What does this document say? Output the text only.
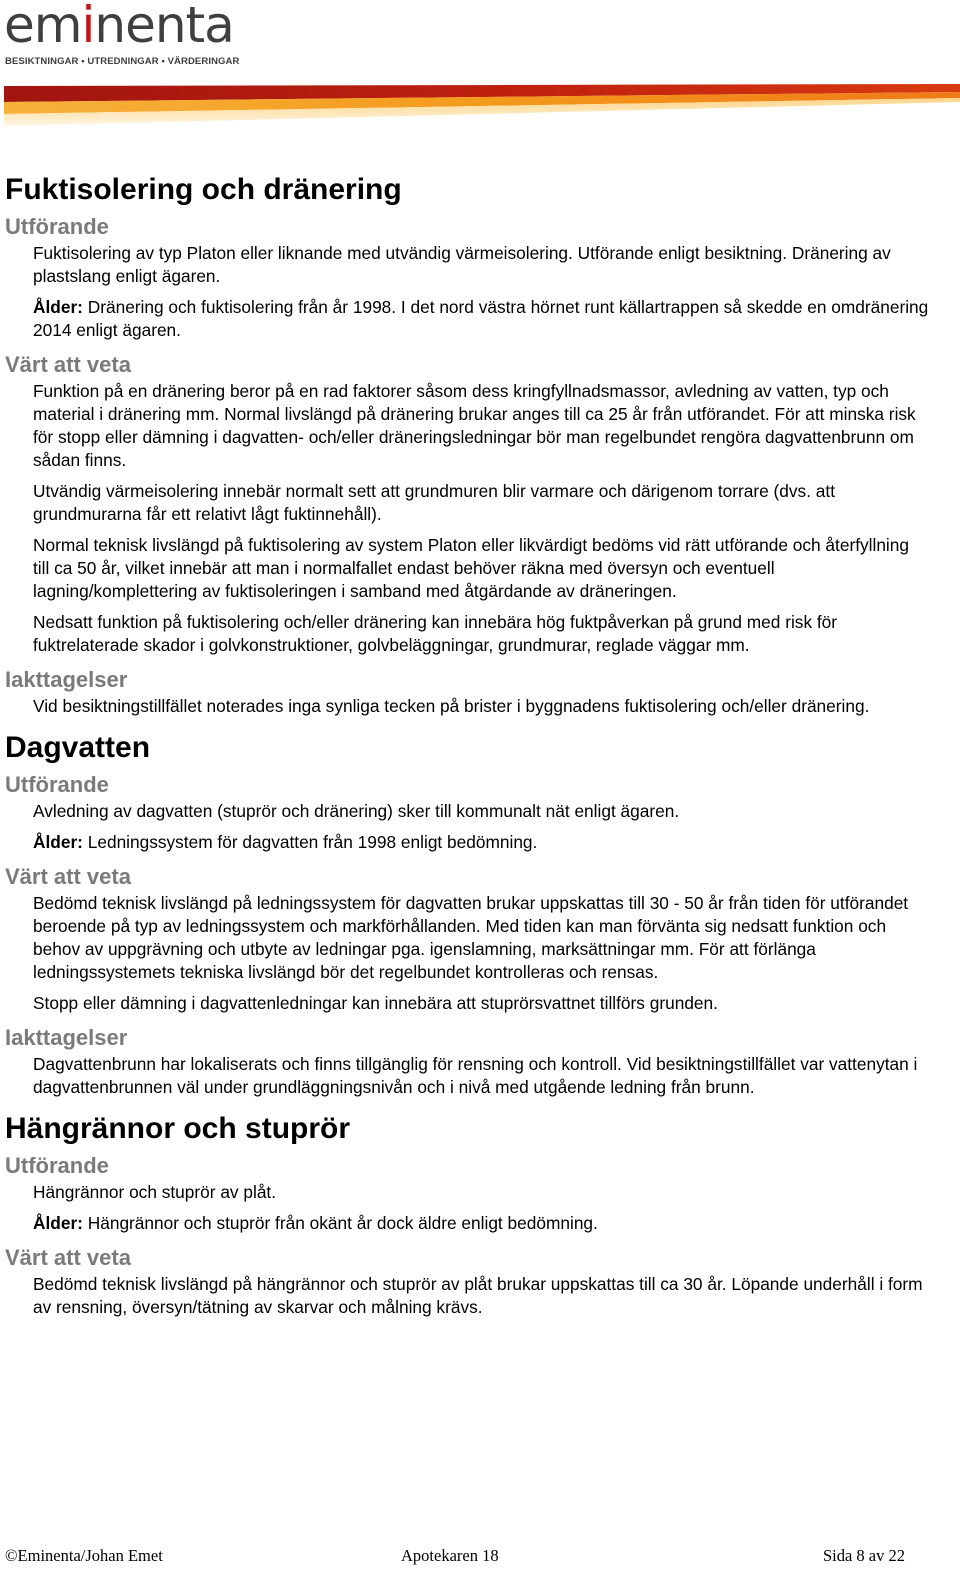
eminenta
BESIKTNINGAR • UTREDNINGAR • VÄRDERINGAR
Fuktisolering och dränering
Utförande

Fuktisolering av typ Platon eller liknande med utvändig värmeisolering. Utförande enligt besiktning. Dränering av plastslang enligt ägaren.

Ålder: Dränering och fuktisolering från år 1998. I det nord västra hörnet runt källartrappen så skedde en omdränering 2014 enligt ägaren.

Värt att veta

Funktion på en dränering beror på en rad faktorer såsom dess kringfyllnadsmassor, avledning av vatten, typ och material i dränering mm. Normal livslängd på dränering brukar anges till ca 25 år från utförandet. För att minska risk för stopp eller dämning i dagvatten- och/eller dräneringsledningar bör man regelbundet rengöra dagvattenbrunn om sådan finns.

Utvändig värmeisolering innebär normalt sett att grundmuren blir varmare och därigenom torrare (dvs. att grundmurarna får ett relativt lågt fuktinnehåll).

Normal teknisk livslängd på fuktisolering av system Platon eller likvärdigt bedöms vid rätt utförande och återfyllning till ca 50 år, vilket innebär att man i normalfallet endast behöver räkna med översyn och eventuell lagning/komplettering av fuktisoleringen i samband med åtgärdande av dräneringen.

Nedsatt funktion på fuktisolering och/eller dränering kan innebära hög fuktpåverkan på grund med risk för fuktrelaterade skador i golvkonstruktioner, golvbeläggningar, grundmurar, reglade väggar mm.

Iakttagelser

Vid besiktningstillfället noterades inga synliga tecken på brister i byggnadens fuktisolering och/eller dränering.

Dagvatten
Utförande

Avledning av dagvatten (stuprör och dränering) sker till kommunalt nät enligt ägaren.

Ålder: Ledningssystem för dagvatten från 1998 enligt bedömning.

Värt att veta

Bedömd teknisk livslängd på ledningssystem för dagvatten brukar uppskattas till 30 - 50 år från tiden för utförandet beroende på typ av ledningssystem och markförhållanden. Med tiden kan man förvänta sig nedsatt funktion och behov av uppgrävning och utbyte av ledningar pga. igenslamning, marksättningar mm. För att förlänga ledningssystemets tekniska livslängd bör det regelbundet kontrolleras och rensas.

Stopp eller dämning i dagvattenledningar kan innebära att stuprörsvattnet tillförs grunden.

Iakttagelser

Dagvattenbrunn har lokaliserats och finns tillgänglig för rensning och kontroll. Vid besiktningstillfället var vattenytan i dagvattenbrunnen väl under grundläggningsnivån och i nivå med utgående ledning från brunn.

Hängrännor och stuprör
Utförande

Hängrännor och stuprör av plåt.

Ålder: Hängrännor och stuprör från okänt år dock äldre enligt bedömning.

Värt att veta

Bedömd teknisk livslängd på hängrännor och stuprör av plåt brukar uppskattas till ca 30 år. Löpande underhåll i form av rensning, översyn/tätning av skarvar och målning krävs.

©Eminenta/Johan Emet	Apotekaren 18	Sida 8 av 22
